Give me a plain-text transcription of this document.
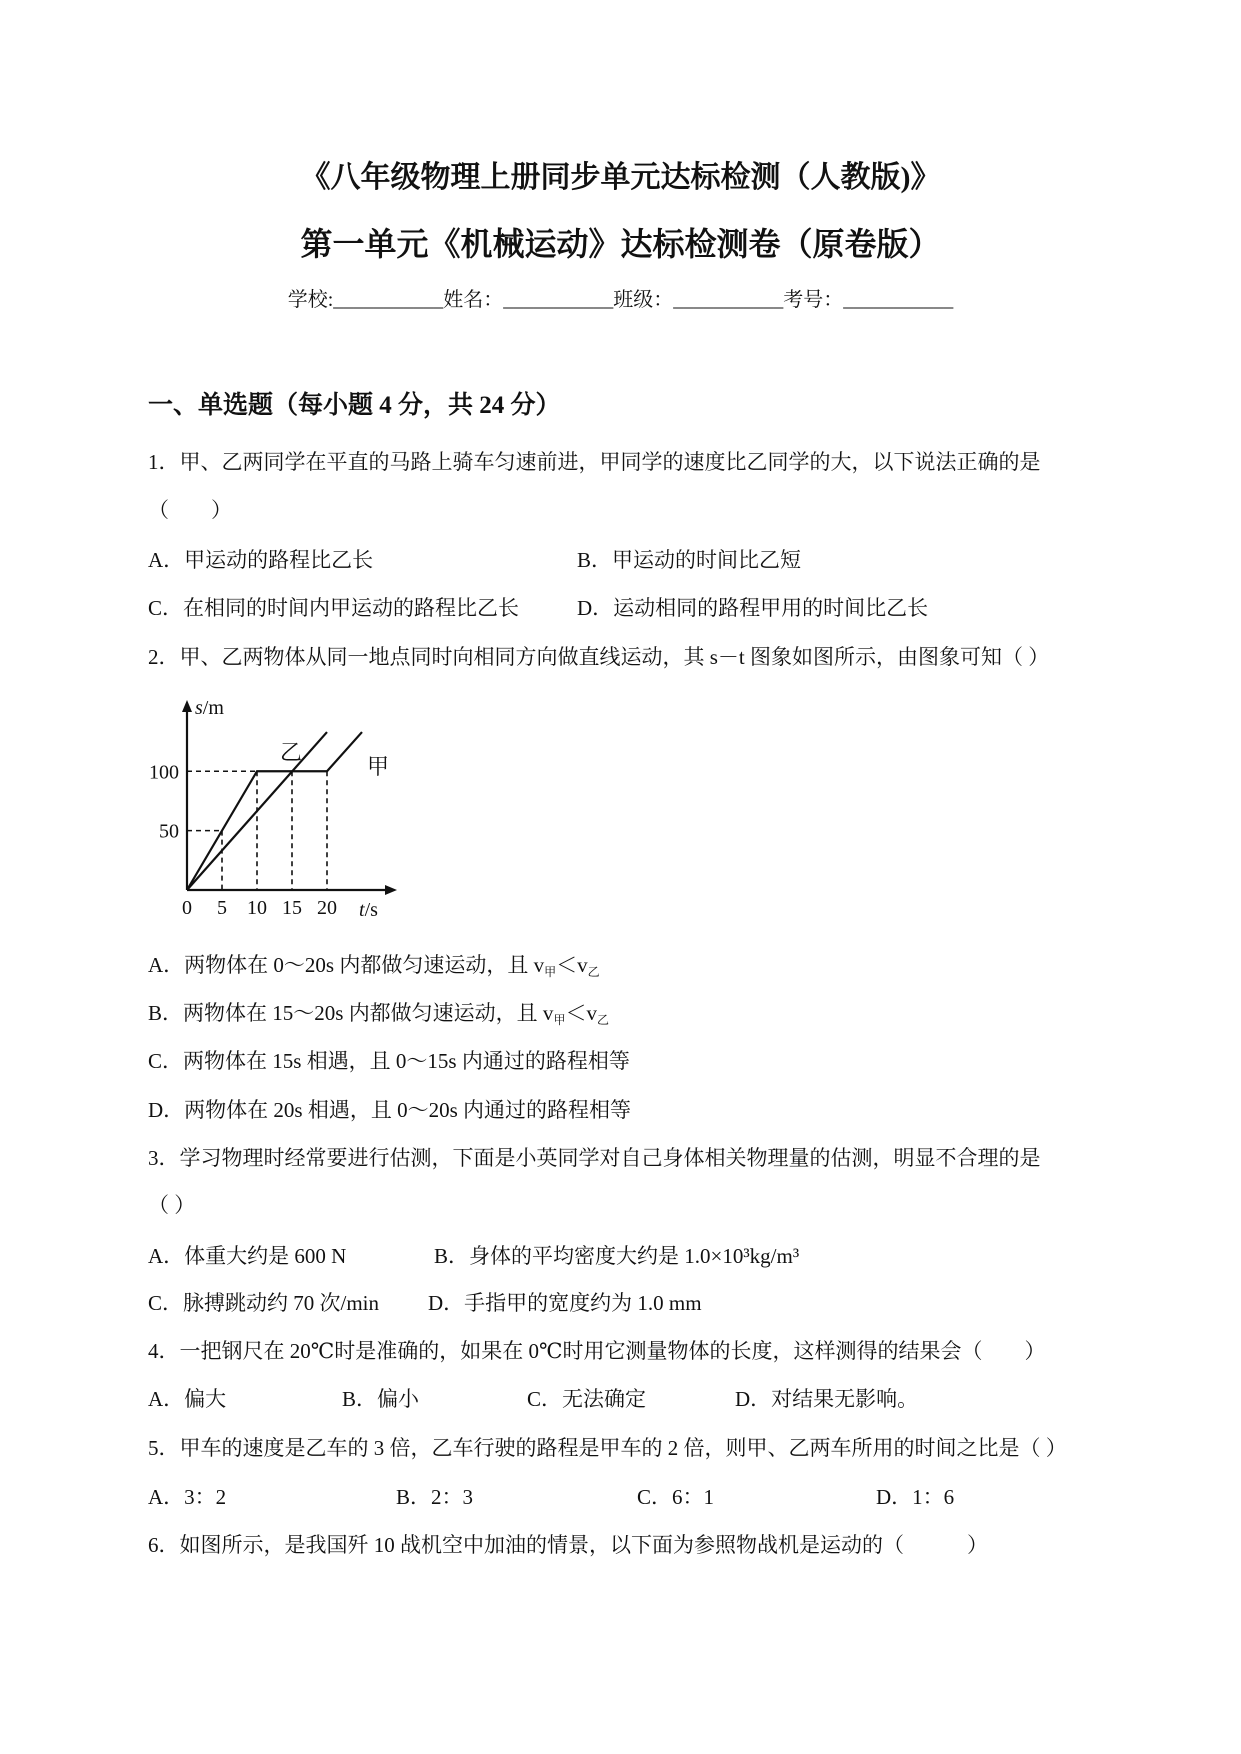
《八年级物理上册同步单元达标检测（人教版)》
第一单元《机械运动》达标检测卷（原卷版）
学校:___________姓名：___________班级：___________考号：___________
一、单选题（每小题 4 分，共 24 分）
1．甲、乙两同学在平直的马路上骑车匀速前进，甲同学的速度比乙同学的大，以下说法正确的是
（　　）
A．甲运动的路程比乙长	B．甲运动的时间比乙短
C．在相同的时间内甲运动的路程比乙长	D．运动相同的路程甲用的时间比乙长
2．甲、乙两物体从同一地点同时向相同方向做直线运动，其 s－t 图象如图所示，由图象可知（ ）
乙
甲
0 5 10 15 20
50
100
s/m
t/s
A．两物体在 0～20s 内都做匀速运动，且 $v_甲<v_乙$
B．两物体在 15～20s 内都做匀速运动，且 $v_甲<v_乙$
C．两物体在 15s 相遇，且 0～15s 内通过的路程相等
D．两物体在 20s 相遇，且 0～20s 内通过的路程相等
3．学习物理时经常要进行估测，下面是小英同学对自己身体相关物理量的估测，明显不合理的是
（ ）
A．体重大约是 600 N	B．身体的平均密度大约是 1.0×10³kg/m³
C．脉搏跳动约 70 次/min D．手指甲的宽度约为 1.0 mm
4．一把钢尺在 20℃时是准确的，如果在 0℃时用它测量物体的长度，这样测得的结果会（　　）
A．偏大	B．偏小	C．无法确定	D．对结果无影响。
5．甲车的速度是乙车的 3 倍，乙车行驶的路程是甲车的 2 倍，则甲、乙两车所用的时间之比是（ ）
A．3：2	B．2：3	C．6：1	D．1：6
6．如图所示，是我国歼 10 战机空中加油的情景，以下面为参照物战机是运动的（　　　）
